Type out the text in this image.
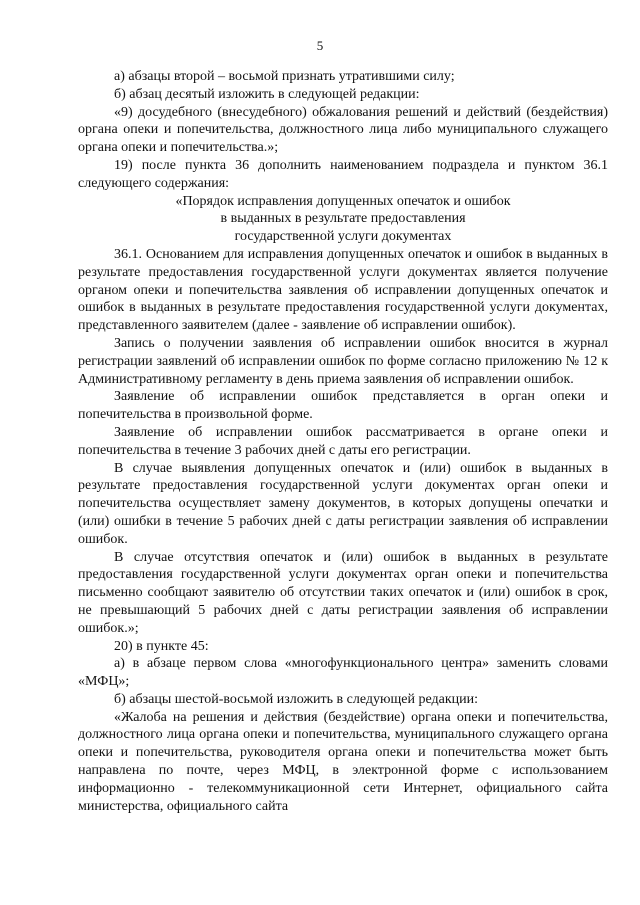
5

а) абзацы второй – восьмой признать утратившими силу;

б) абзац десятый изложить в следующей редакции:

«9) досудебного (внесудебного) обжалования решений и действий (бездействия) органа опеки и попечительства, должностного лица либо муниципального служащего органа опеки и попечительства.»;

19) после пункта 36 дополнить наименованием подраздела и пунктом 36.1 следующего содержания:

«Порядок исправления допущенных опечаток и ошибок

в выданных в результате предоставления

государственной услуги документах

36.1. Основанием для исправления допущенных опечаток и ошибок в выданных в результате предоставления государственной услуги документах является получение органом опеки и попечительства заявления об исправлении допущенных опечаток и ошибок в выданных в результате предоставления государственной услуги документах, представленного заявителем (далее - заявление об исправлении ошибок).

Запись о получении заявления об исправлении ошибок вносится в журнал регистрации заявлений об исправлении ошибок по форме согласно приложению № 12 к Административному регламенту в день приема заявления об исправлении ошибок.

Заявление об исправлении ошибок представляется в орган опеки и попечительства в произвольной форме.

Заявление об исправлении ошибок рассматривается в органе опеки и попечительства в течение 3 рабочих дней с даты его регистрации.

В случае выявления допущенных опечаток и (или) ошибок в выданных в результате предоставления государственной услуги документах орган опеки и попечительства осуществляет замену документов, в которых допущены опечатки и (или) ошибки в течение 5 рабочих дней с даты регистрации заявления об исправлении ошибок.

В случае отсутствия опечаток и (или) ошибок в выданных в результате предоставления государственной услуги документах орган опеки и попечительства письменно сообщают заявителю об отсутствии таких опечаток и (или) ошибок в срок, не превышающий 5 рабочих дней с даты регистрации заявления об исправлении ошибок.»;

20) в пункте 45:

а) в абзаце первом слова «многофункционального центра» заменить словами «МФЦ»;

б) абзацы шестой-восьмой изложить в следующей редакции:

«Жалоба на решения и действия (бездействие) органа опеки и попечительства, должностного лица органа опеки и попечительства, муниципального служащего органа опеки и попечительства, руководителя органа опеки и попечительства может быть направлена по почте, через МФЦ, в электронной форме с использованием информационно - телекоммуникационной сети Интернет, официального сайта министерства, официального сайта
